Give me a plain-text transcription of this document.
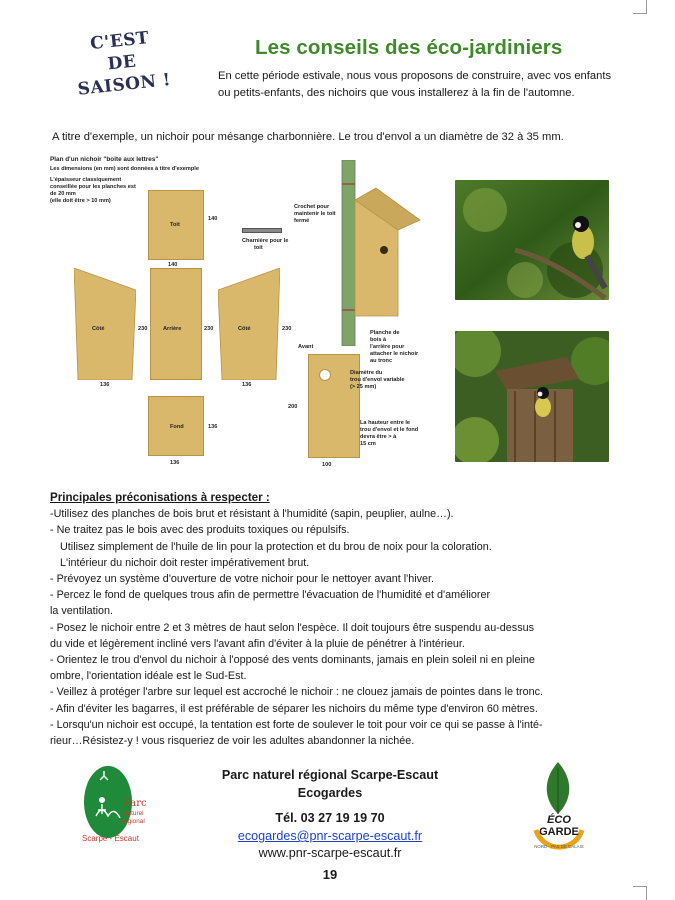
C'EST
DE
SAISON !
Les conseils des éco-jardiniers
En cette période estivale, nous vous proposons de construire, avec vos enfants ou petits-enfants, des nichoirs que vous installerez à la fin de l'automne.
A titre d'exemple, un nichoir pour mésange charbonnière. Le trou d'envol a un diamètre de 32 à 35 mm.
Plan d'un nichoir "boîte aux lettres"
Les dimensions (en mm) sont données à titre d'exemple
L'épaisseur classiquement
conseillée pour les planches est
de 20 mm
(elle doit être > 10 mm)
Toit
140
140
Côté	230
136
Arrière	230	Côté	230
136
Fond	136
136
Charnière pour le
toit
Crochet pour
maintenir le toit
fermé
Planche de
bois à
l'arrière pour
attacher le nichoir
au tronc
Avant
200
100
Diamètre du
trou d'envol variable
(> 25 mm)
La hauteur entre le
trou d'envol et le fond
devra être > à
15 cm
Principales préconisations à respecter :
-Utilisez des planches de bois brut et résistant à l'humidité (sapin, peuplier, aulne…).
- Ne traitez pas le bois avec des produits toxiques ou répulsifs.
Utilisez simplement de l'huile de lin pour la protection et du brou de noix pour la coloration.
L'intérieur du nichoir doit rester impérativement brut.
- Prévoyez un système d'ouverture de votre nichoir pour le nettoyer avant l'hiver.
- Percez le fond de quelques trous afin de permettre l'évacuation de l'humidité et d'améliorer
la ventilation.
- Posez le nichoir entre 2 et 3 mètres de haut selon l'espèce. Il doit toujours être suspendu au-dessus
du vide et légèrement incliné vers l'avant afin d'éviter à la pluie de pénétrer à l'intérieur.
- Orientez le trou d'envol du nichoir à l'opposé des vents dominants, jamais en plein soleil ni en pleine
ombre, l'orientation idéale est le Sud-Est.
- Veillez à protéger l'arbre sur lequel est accroché le nichoir : ne clouez jamais de pointes dans le tronc.
- Afin d'éviter les bagarres, il est préférable de séparer les nichoirs du même type d'environ 60 mètres.
- Lorsqu'un nichoir est occupé, la tentation est forte de soulever le toit pour voir ce qui se passe à l'inté-
rieur…Résistez-y ! vous risqueriez de voir les adultes abandonner la nichée.
Parc
naturel
régional
Scarpe - Escaut
Parc naturel régional Scarpe-Escaut
Ecogardes
Tél. 03 27 19 19 70
ecogardes@pnr-scarpe-escaut.fr
www.pnr-scarpe-escaut.fr
19
ÉCO
GARDE
NORD - PAS DE CALAIS
